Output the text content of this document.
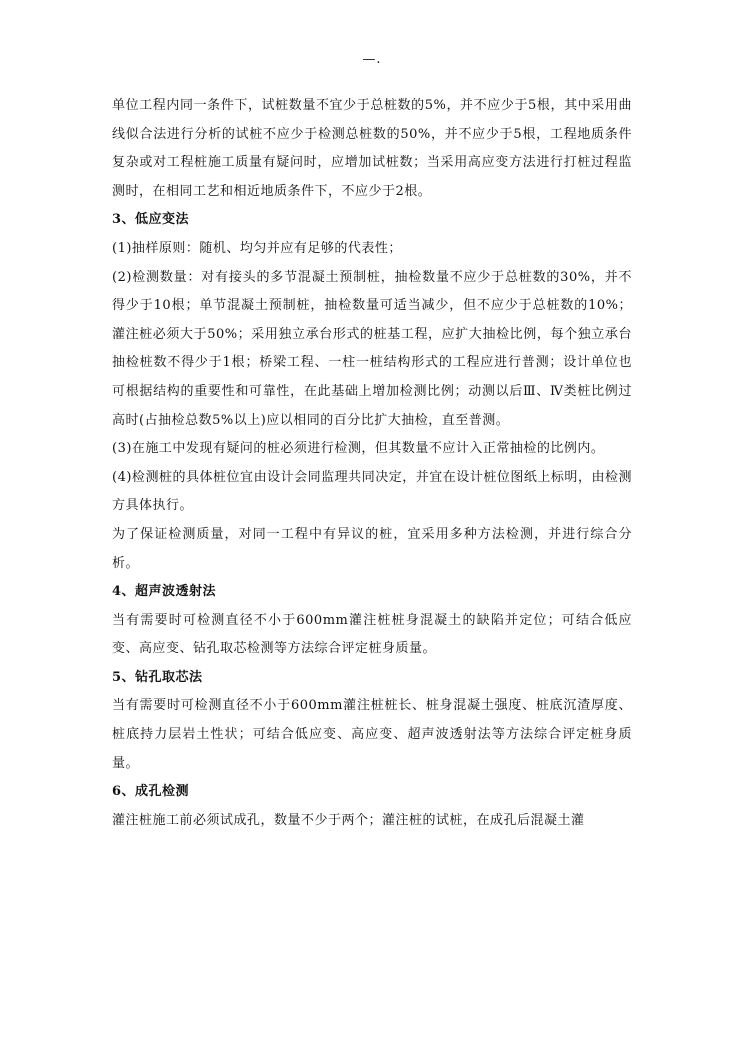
—.

单位工程内同一条件下，试桩数量不宜少于总桩数的5%，并不应少于5根，其中采用曲线似合法进行分析的试桩不应少于检测总桩数的50%，并不应少于5根，工程地质条件复杂或对工程桩施工质量有疑问时，应增加试桩数；当采用高应变方法进行打桩过程监测时，在相同工艺和相近地质条件下，不应少于2根。

3、低应变法

(1)抽样原则：随机、均匀并应有足够的代表性；

(2)检测数量：对有接头的多节混凝土预制桩，抽检数量不应少于总桩数的30%，并不得少于10根；单节混凝土预制桩，抽检数量可适当减少，但不应少于总桩数的10%；灌注桩必须大于50%；采用独立承台形式的桩基工程，应扩大抽检比例，每个独立承台抽检桩数不得少于1根；桥梁工程、一柱一桩结构形式的工程应进行普测；设计单位也可根据结构的重要性和可靠性，在此基础上增加检测比例；动测以后Ⅲ、Ⅳ类桩比例过高时(占抽检总数5%以上)应以相同的百分比扩大抽检，直至普测。

(3)在施工中发现有疑问的桩必须进行检测，但其数量不应计入正常抽检的比例内。

(4)检测桩的具体桩位宜由设计会同监理共同决定，并宜在设计桩位图纸上标明，由检测方具体执行。

为了保证检测质量，对同一工程中有异议的桩，宜采用多种方法检测，并进行综合分析。

4、超声波透射法

当有需要时可检测直径不小于600mm灌注桩桩身混凝土的缺陷并定位；可结合低应变、高应变、钻孔取芯检测等方法综合评定桩身质量。

5、钻孔取芯法

当有需要时可检测直径不小于600mm灌注桩桩长、桩身混凝土强度、桩底沉渣厚度、桩底持力层岩土性状；可结合低应变、高应变、超声波透射法等方法综合评定桩身质量。

6、成孔检测

灌注桩施工前必须试成孔，数量不少于两个；灌注桩的试桩，在成孔后混凝土灌
